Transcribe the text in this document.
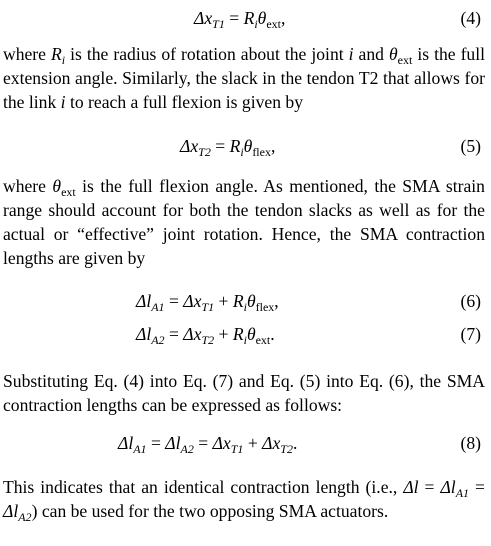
$\Delta x_{T1} = R_i\theta_{ext}$,	(4)

where $R_i$ is the radius of rotation about the joint i and $\theta_{ext}$ is the full extension angle. Similarly, the slack in the tendon T2 that allows for the link i to reach a full flexion is given by

$\Delta x_{T2} = R_i\theta_{flex}$,	(5)

where $\theta_{ext}$ is the full flexion angle. As mentioned, the SMA strain range should account for both the tendon slacks as well as for the actual or “effective” joint rotation. Hence, the SMA contraction lengths are given by

$\Delta l_{A1} = \Delta x_{T1} + R_i\theta_{flex}$,	(6)
$\Delta l_{A2} = \Delta x_{T2} + R_i\theta_{ext}$.	(7)

Substituting Eq. (4) into Eq. (7) and Eq. (5) into Eq. (6), the SMA contraction lengths can be expressed as follows:

$\Delta l_{A1} = \Delta l_{A2} = \Delta x_{T1} + \Delta x_{T2}$.	(8)

This indicates that an identical contraction length (i.e., $\Delta l = \Delta l_{A1} = \Delta l_{A2}$) can be used for the two opposing SMA actuators.
